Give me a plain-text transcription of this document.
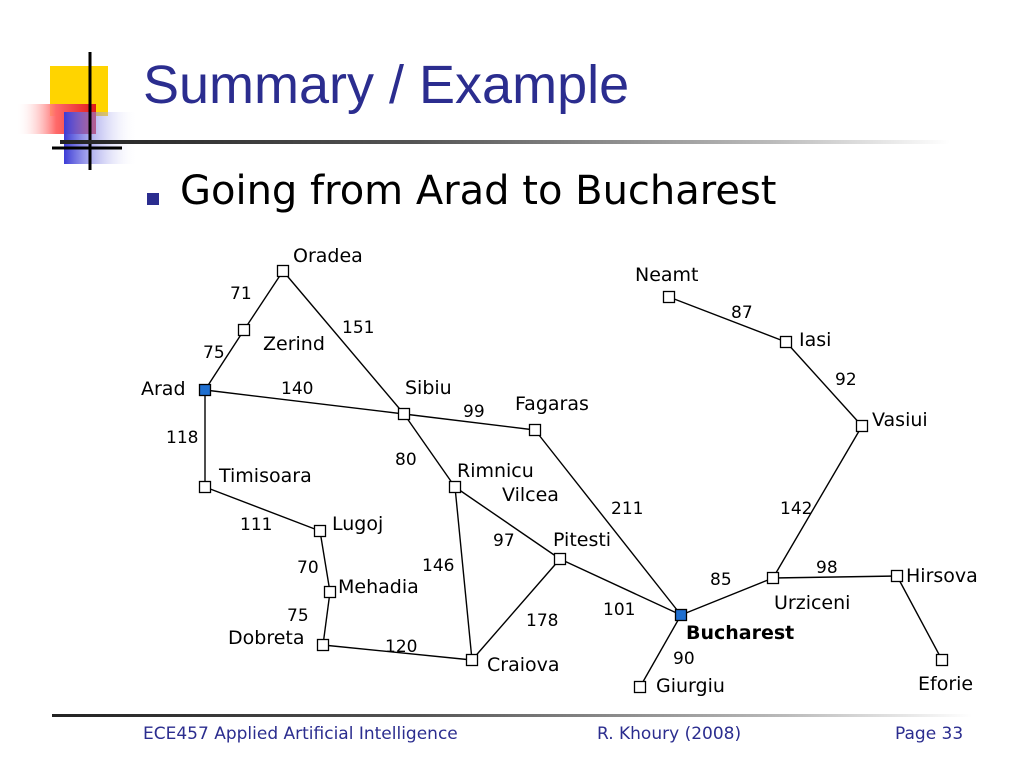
Summary / Example
Going from Arad to Bucharest
71
75
151
140
118
111
70
75
120
99
80
146
97
178
211
101
90
85
98
142
92
87
Oradea
Zerind
Arad
Timisoara
Lugoj
Mehadia
Dobreta
Sibiu
Rimnicu
Vilcea
Craiova
Fagaras
Pitesti
Bucharest
Giurgiu
Urziceni
Hirsova
Eforie
Vasiui
Iasi
Neamt
ECE457 Applied Artificial Intelligence	R. Khoury (2008)	Page 33
